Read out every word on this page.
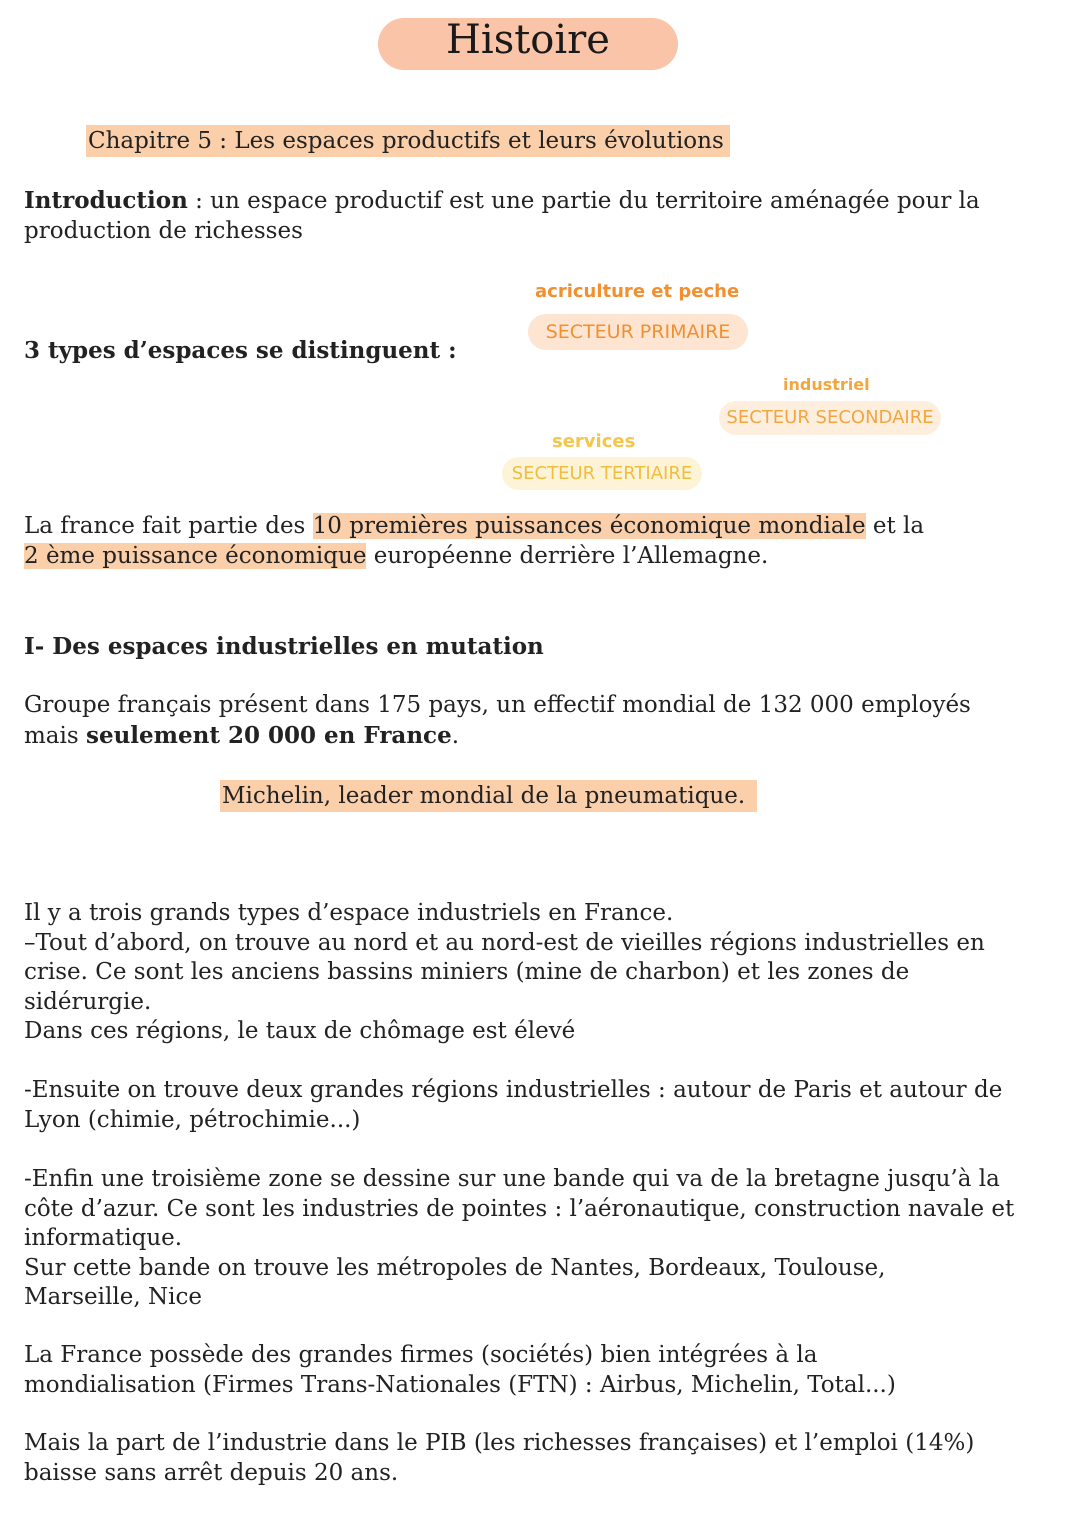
Histoire
Chapitre 5 : Les espaces productifs et leurs évolutions
Introduction : un espace productif est une partie du territoire aménagée pour la production de richesses
3 types d’espaces se distinguent :
acriculture et peche
SECTEUR PRIMAIRE
industriel
SECTEUR SECONDAIRE
services
SECTEUR TERTIAIRE
La france fait partie des 10 premières puissances économique mondiale et la
2 ème puissance économique européenne derrière l’Allemagne.
I- Des espaces industrielles en mutation
Groupe français présent dans 175 pays, un effectif mondial de 132 000 employés mais seulement 20 000 en France.
Michelin, leader mondial de la pneumatique.
Il y a trois grands types d’espace industriels en France.
–Tout d’abord, on trouve au nord et au nord-est de vieilles régions industrielles en crise. Ce sont les anciens bassins miniers (mine de charbon) et les zones de sidérurgie.
Dans ces régions, le taux de chômage est élevé
-Ensuite on trouve deux grandes régions industrielles : autour de Paris et autour de Lyon (chimie, pétrochimie...)
-Enfin une troisième zone se dessine sur une bande qui va de la bretagne jusqu’à la côte d’azur. Ce sont les industries de pointes : l’aéronautique, construction navale et informatique.
Sur cette bande on trouve les métropoles de Nantes, Bordeaux, Toulouse, Marseille, Nice
La France possède des grandes firmes (sociétés) bien intégrées à la mondialisation (Firmes Trans-Nationales (FTN) : Airbus, Michelin, Total...)
Mais la part de l’industrie dans le PIB (les richesses françaises) et l’emploi (14%) baisse sans arrêt depuis 20 ans.
